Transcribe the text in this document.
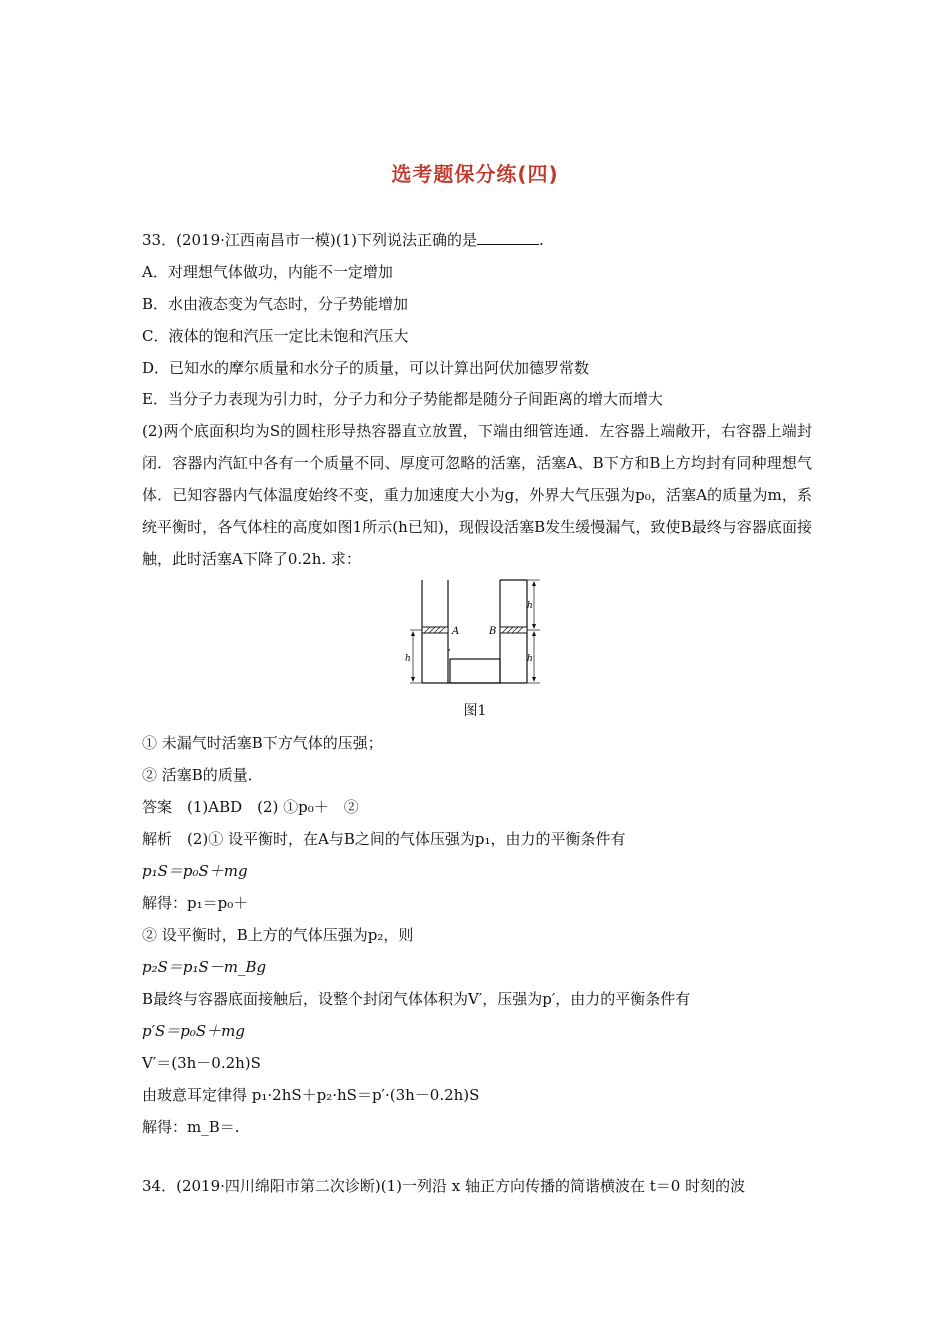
选考题保分练(四)
33．(2019·江西南昌市一模)(1)下列说法正确的是	.
A．对理想气体做功，内能不一定增加
B．水由液态变为气态时，分子势能增加
C．液体的饱和汽压一定比未饱和汽压大
D．已知水的摩尔质量和水分子的质量，可以计算出阿伏加德罗常数
E．当分子力表现为引力时，分子力和分子势能都是随分子间距离的增大而增大
(2)两个底面积均为S的圆柱形导热容器直立放置，下端由细管连通．左容器上端敞开，右容器上端封闭．容器内汽缸中各有一个质量不同、厚度可忽略的活塞，活塞A、B下方和B上方均封有同种理想气体．已知容器内气体温度始终不变，重力加速度大小为g，外界大气压强为p₀，活塞A的质量为m，系统平衡时，各气体柱的高度如图1所示(h已知)，现假设活塞B发生缓慢漏气，致使B最终与容器底面接触，此时活塞A下降了0.2h. 求：
A	B
h
h
h
图1
① 未漏气时活塞B下方气体的压强；
② 活塞B的质量．
答案　(1)ABD　(2) ①p₀＋　②
解析　(2)① 设平衡时，在A与B之间的气体压强为p₁，由力的平衡条件有
p₁S＝p₀S＋mg
解得：p₁＝p₀＋
② 设平衡时，B上方的气体压强为p₂，则
p₂S＝p₁S－m_Bg
B最终与容器底面接触后，设整个封闭气体体积为V′，压强为p′，由力的平衡条件有
p′S＝p₀S＋mg
V′＝(3h－0.2h)S
由玻意耳定律得 p₁·2hS＋p₂·hS＝p′·(3h－0.2h)S
解得：m_B＝.
34．(2019·四川绵阳市第二次诊断)(1)一列沿 x 轴正方向传播的简谐横波在 t＝0 时刻的波
